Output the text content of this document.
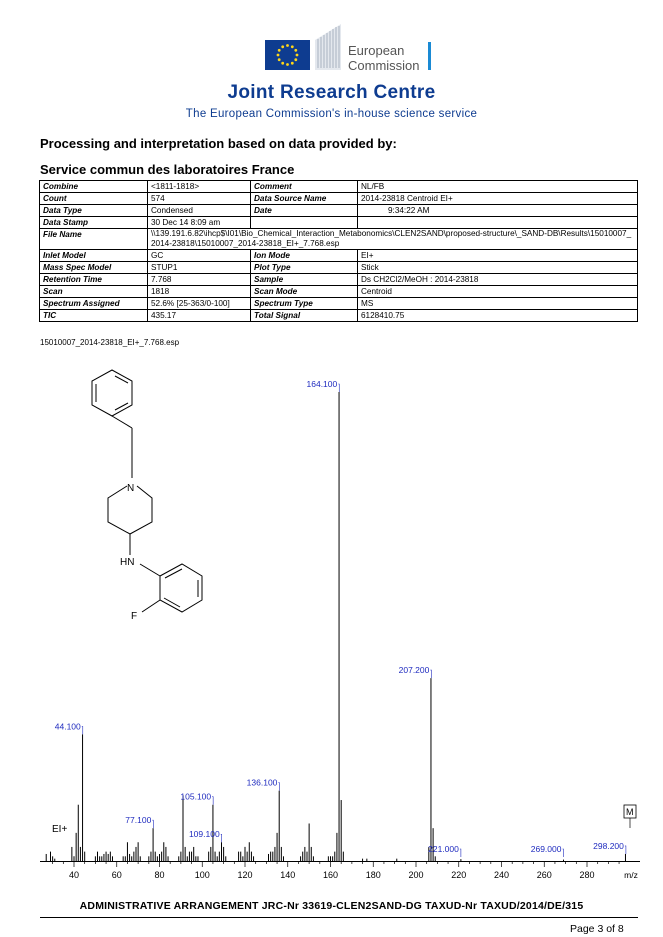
European
Commission
Joint Research Centre
The European Commission's in-house science service
Processing and interpretation based on data provided by:
Service commun des laboratoires France
Combine	<1811-1818>	Comment	NL/FB
Count	574	Data Source Name	2014-23818 Centroid EI+
Data Type	Condensed	Date	9:34:22 AM
Data Stamp	30 Dec 14 8:09 am		
File Name	\\139.191.6.82\ihcp$\I01\Bio_Chemical_Interaction_Metabonomics\CLEN2SAND\proposed-structure\_SAND-DB\Results\15010007_2014-23818\15010007_2014-23818_EI+_7.768.esp		
Inlet Model	GC	Ion Mode	EI+
Mass Spec Model	STUP1	Plot Type	Stick
Retention Time	7.768	Sample	Ds CH2Cl2/MeOH : 2014-23818
Scan	1818	Scan Mode	Centroid
Spectrum Assigned	52.6% [25-363/0-100]	Spectrum Type	MS
TIC	435.17	Total Signal	6128410.75
15010007_2014-23818_EI+_7.768.esp
N
HN
F
44.100
77.100
105.100
109.100
136.100
164.100
207.200
221.000	269.000	298.200
40	60	80	100	120	140	160	180	200	220	240	260	280	m/z
EI+
M
ADMINISTRATIVE ARRANGEMENT JRC-Nr 33619-CLEN2SAND-DG TAXUD-Nr TAXUD/2014/DE/315
Page 3 of 8
